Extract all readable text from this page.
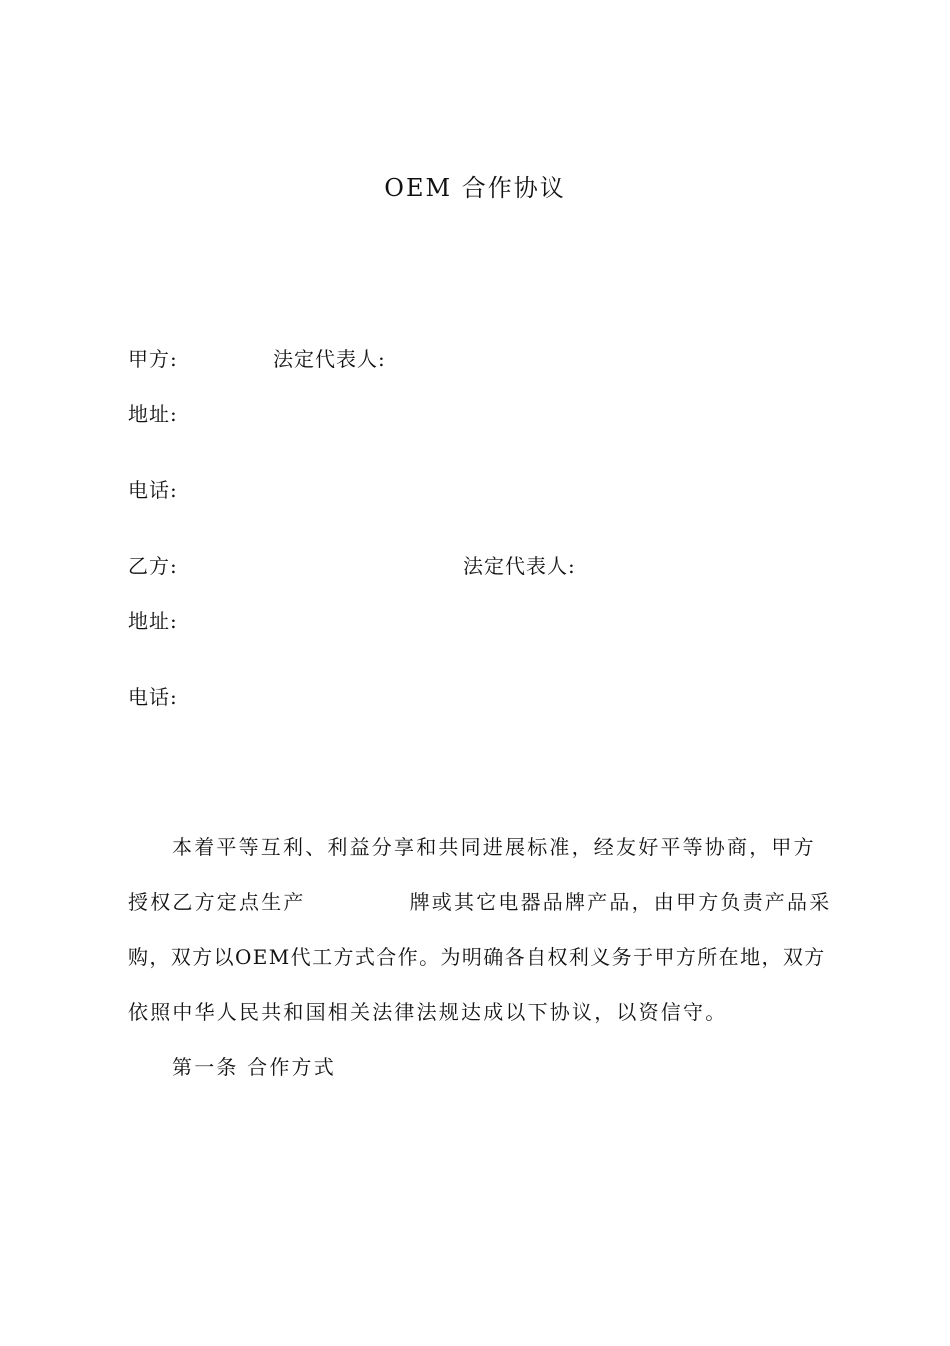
OEM 合作协议
甲方:	法定代表人:
地址:
电话:
乙方:	法定代表人:
地址:
电话:
本着平等互利、利益分享和共同进展标准，经友好平等协商，甲方
授权乙方定点生产	牌或其它电器品牌产品，由甲方负责产品采
购，双方以OEM代工方式合作。为明确各自权利义务于甲方所在地，双方
依照中华人民共和国相关法律法规达成以下协议，以资信守。
第一条 合作方式
